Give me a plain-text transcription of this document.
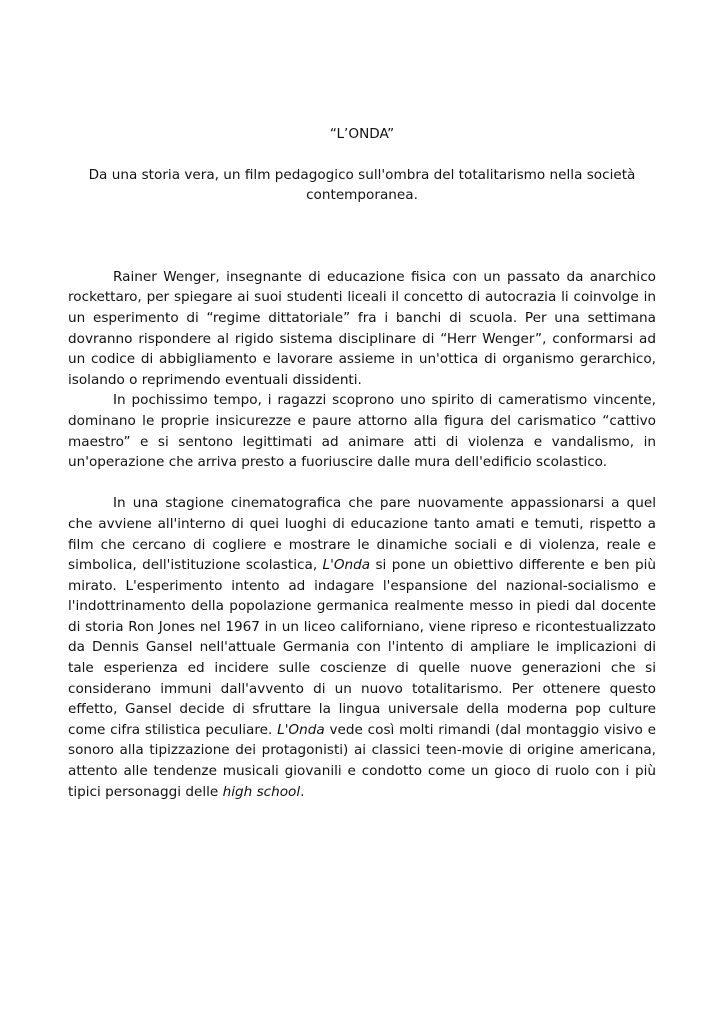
“L’ONDA”

Da una storia vera, un film pedagogico sull'ombra del totalitarismo nella società contemporanea.

Rainer Wenger, insegnante di educazione fisica con un passato da anarchico rockettaro, per spiegare ai suoi studenti liceali il concetto di autocrazia li coinvolge in un esperimento di “regime dittatoriale” fra i banchi di scuola. Per una settimana dovranno rispondere al rigido sistema disciplinare di “Herr Wenger”, conformarsi ad un codice di abbigliamento e lavorare assieme in un'ottica di organismo gerarchico, isolando o reprimendo eventuali dissidenti.

In pochissimo tempo, i ragazzi scoprono uno spirito di cameratismo vincente, dominano le proprie insicurezze e paure attorno alla figura del carismatico “cattivo maestro” e si sentono legittimati ad animare atti di violenza e vandalismo, in un'operazione che arriva presto a fuoriuscire dalle mura dell'edificio scolastico.

In una stagione cinematografica che pare nuovamente appassionarsi a quel che avviene all'interno di quei luoghi di educazione tanto amati e temuti, rispetto a film che cercano di cogliere e mostrare le dinamiche sociali e di violenza, reale e simbolica, dell'istituzione scolastica, L'Onda si pone un obiettivo differente e ben più mirato. L'esperimento intento ad indagare l'espansione del nazional-socialismo e l'indottrinamento della popolazione germanica realmente messo in piedi dal docente di storia Ron Jones nel 1967 in un liceo californiano, viene ripreso e ricontestualizzato da Dennis Gansel nell'attuale Germania con l'intento di ampliare le implicazioni di tale esperienza ed incidere sulle coscienze di quelle nuove generazioni che si considerano immuni dall'avvento di un nuovo totalitarismo. Per ottenere questo effetto, Gansel decide di sfruttare la lingua universale della moderna pop culture come cifra stilistica peculiare. L'Onda vede così molti rimandi (dal montaggio visivo e sonoro alla tipizzazione dei protagonisti) ai classici teen-movie di origine americana, attento alle tendenze musicali giovanili e condotto come un gioco di ruolo con i più tipici personaggi delle high school.
